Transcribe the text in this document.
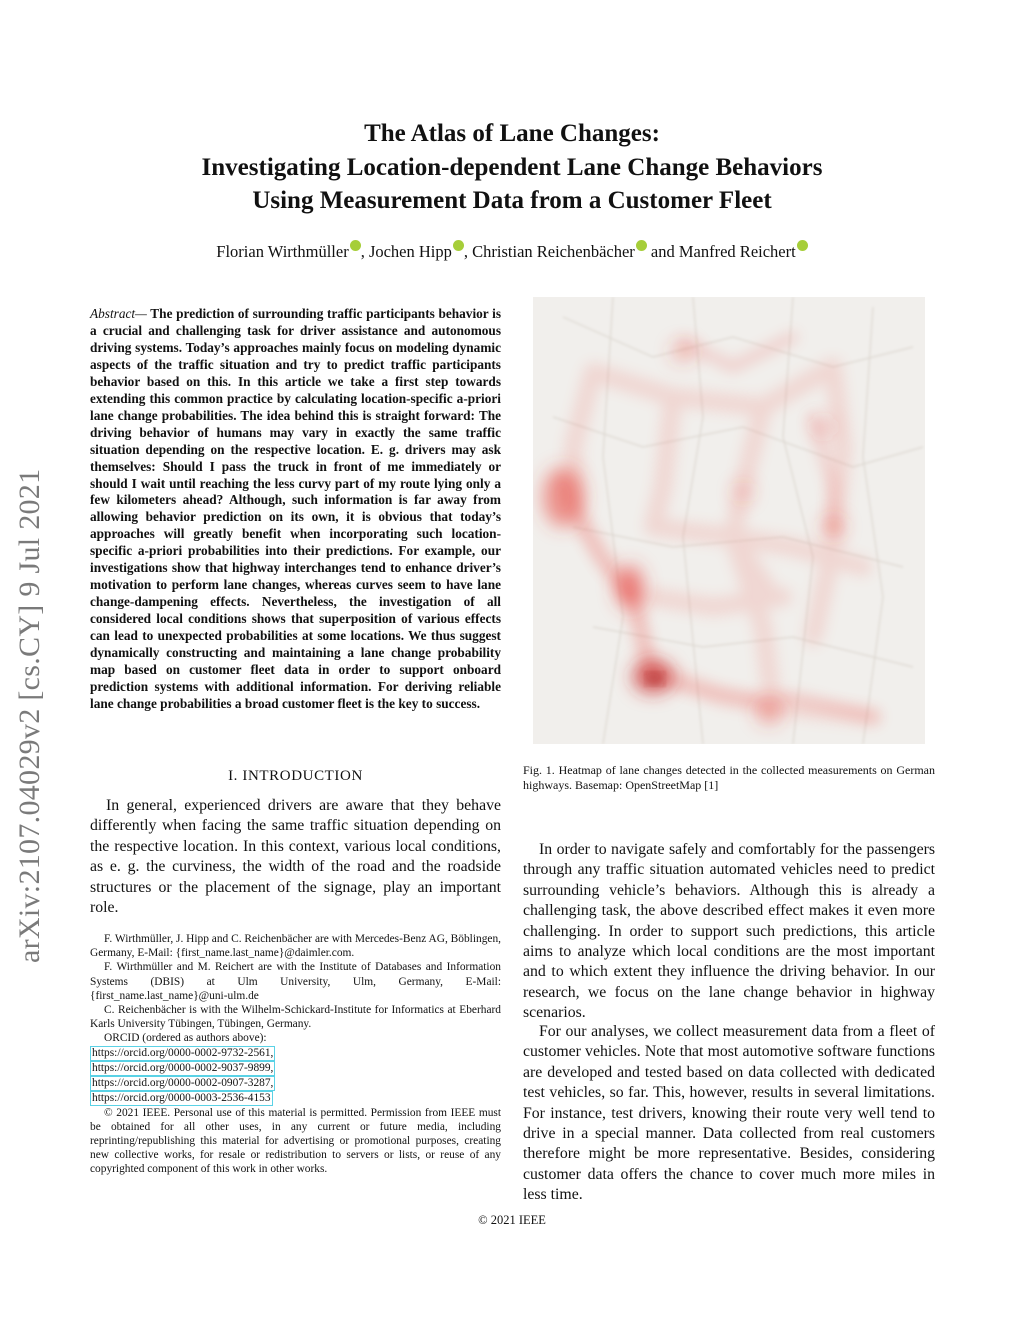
arXiv:2107.04029v2 [cs.CY] 9 Jul 2021
The Atlas of Lane Changes:
Investigating Location-dependent Lane Change Behaviors
Using Measurement Data from a Customer Fleet
Florian Wirthmüller , Jochen Hipp , Christian Reichenbächer and Manfred Reichert

Abstract— The prediction of surrounding traffic participants behavior is a crucial and challenging task for driver assistance and autonomous driving systems. Today’s approaches mainly focus on modeling dynamic aspects of the traffic situation and try to predict traffic participants behavior based on this. In this article we take a first step towards extending this common practice by calculating location-specific a-priori lane change probabilities. The idea behind this is straight forward: The driving behavior of humans may vary in exactly the same traffic situation depending on the respective location. E. g. drivers may ask themselves: Should I pass the truck in front of me immediately or should I wait until reaching the less curvy part of my route lying only a few kilometers ahead? Although, such information is far away from allowing behavior prediction on its own, it is obvious that today’s approaches will greatly benefit when incorporating such location-specific a-priori probabilities into their predictions. For example, our investigations show that highway interchanges tend to enhance driver’s motivation to perform lane changes, whereas curves seem to have lane change-dampening effects. Nevertheless, the investigation of all considered local conditions shows that superposition of various effects can lead to unexpected probabilities at some locations. We thus suggest dynamically constructing and maintaining a lane change probability map based on customer fleet data in order to support onboard prediction systems with additional information. For deriving reliable lane change probabilities a broad customer fleet is the key to success.

I. INTRODUCTION

In general, experienced drivers are aware that they behave differently when facing the same traffic situation depending on the respective location. In this context, various local conditions, as e. g. the curviness, the width of the road and the roadside structures or the placement of the signage, play an important role.

F. Wirthmüller, J. Hipp and C. Reichenbächer are with Mercedes-Benz AG, Böblingen, Germany, E-Mail: {first_name.last_name}@daimler.com.

F. Wirthmüller and M. Reichert are with the Institute of Databases and Information Systems (DBIS) at Ulm University, Ulm, Germany, E-Mail: {first_name.last_name}@uni-ulm.de

C. Reichenbächer is with the Wilhelm-Schickard-Institute for Informatics at Eberhard Karls University Tübingen, Tübingen, Germany.

ORCID (ordered as authors above):

https://orcid.org/0000-0002-9732-2561,
https://orcid.org/0000-0002-9037-9899,
https://orcid.org/0000-0002-0907-3287,
https://orcid.org/0000-0003-2536-4153

© 2021 IEEE. Personal use of this material is permitted. Permission from IEEE must be obtained for all other uses, in any current or future media, including reprinting/republishing this material for advertising or promotional purposes, creating new collective works, for resale or redistribution to servers or lists, or reuse of any copyrighted component of this work in other works.

Fig. 1. Heatmap of lane changes detected in the collected measurements on German highways. Basemap: OpenStreetMap [1]

In order to navigate safely and comfortably for the passengers through any traffic situation automated vehicles need to predict surrounding vehicle’s behaviors. Although this is already a challenging task, the above described effect makes it even more challenging. In order to support such predictions, this article aims to analyze which local conditions are the most important and to which extent they influence the driving behavior. In our research, we focus on the lane change behavior in highway scenarios.

For our analyses, we collect measurement data from a fleet of customer vehicles. Note that most automotive software functions are developed and tested based on data collected with dedicated test vehicles, so far. This, however, results in several limitations. For instance, test drivers, knowing their route very well tend to drive in a special manner. Data collected from real customers therefore might be more representative. Besides, considering customer data offers the chance to cover much more miles in less time.

© 2021 IEEE
